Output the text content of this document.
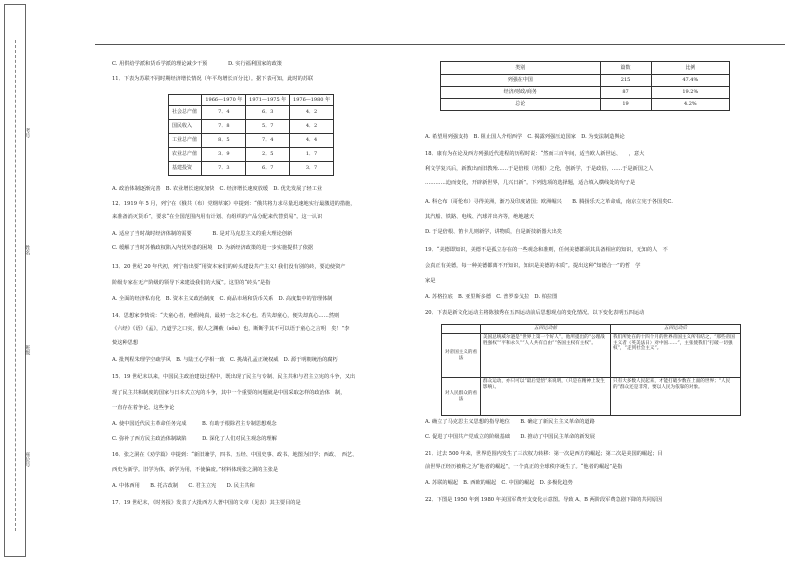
考号
姓名
班级
座位号
C. 用供给学派和货币学派的理论减少干预　　　　D. 实行福利国家的政策
11．下表为苏联不同时期经济增长情况（年平均增长百分比）。据下表可知，此时的苏联
	1966—1970 年	1971—1975 年	1976—1980 年
社会总产值	7．4	6．3	4．2
国民收入	7．8	5．7	4．2
工业总产值	8．5	7．4	4．4
农业总产值	3．9	2．5	1．7
基建投资	7．3	6．7	3．7
A. 政治体制逐渐完善　B. 农业增长速度加快　C. 经济增长速度放缓　D. 优先发展了轻工业
12．1919 年 5 月，列宁在《俄共（布）党纲草案》中提到：“俄共将力求尽量迅速地实行最激进的措施，
来准备消灭货币”，要求“在全国范围内用有计划、有组织的产品分配来代替贸易”。这一认识
A. 适应了当时战时经济体制的需要　　　　B. 是对马克思主义的重大理论创新
C. 缓解了当时苏俄政权陷入内忧外患的困境　D. 为新经济政策的进一步实施提供了依据
13．20 世纪 20 年代初，列宁指出要“用资本家们的砖头建设共产主义! 我们没有别的砖，要迫使资产
阶级专家在无产阶级的领导下来建设我们的大厦”。这里的“砖头”是指
A. 全面的经济私有化　B. 资本主义政治制度　C. 商品市场和货币关系　D. 高度集中的管理体制
14．思想家李贽说：“夫童心者，绝假纯真，最初一念之本心也。若失却童心，便失却真心……然则
《六经》《语》《孟》，乃道学之口实，假人之渊薮（sǒu）也，断断乎其不可以语于童心之言明　矣！”李
贽这种思想
A. 批判程朱理学空疏学风　B. 与陆王心学相一致　C. 挑战孔孟正统权威　D. 源于明朝统治的腐朽
15．19 世纪末以来，中国民主政治建设过程中，既出现了民主与专制、民主共和与君主立宪的斗争，又出
现了民主共和制度的国家与日本式立宪的斗争，其中一个重要的问题就是中国采取怎样的政治体　制，
一直存在着争论。这些争论
A. 使中国近代民主革命任务完成　　　B. 有助于根除君主专制思想观念
C. 弥补了西方民主政治体制缺陷　　　D. 深化了人们对民主观念的理解
16．张之洞在《劝学篇》中提到：“新旧兼学，四书、五经、中国史事、政书、地图为旧学；西政、　西艺、
西史为新学。旧学为体，新学为用，不使偏废。”材料体现张之洞的主张是
A. 中体西用　　B. 托古改制　　C. 君主立宪　　D. 民主共和
17．19 世纪末，《时务报》发表了大批西方人著中国的文章（见表）其主要目的是
类别	篇数	比例
列强在中国	215	47.4%
经济/财政/商务	87	19.2%
总论	19	4.2%
A. 希望用列强支持　B. 阻止国人介绍西学　C. 揭露列强压迫国家　D. 为变法制造舆论
18．康有为在论及西方列强近代进程的历程时说：“然而三百年间，适当欧人新世运、　　，意大
利文学复兴后，新教出而旧教殆……于是倍根（培根）之伦，创新学，于是政俗，……于是新国之人
…………迫而变化，开辟新世界，几兴日新”。下列选项的选择题，适合填入横线处的句子是
A. 科仑布（哥伦布）寻得美洲，渐乃及印度诸国；欧洲崛兴　　B. 腾扬乐天之革命成，南京立宪于各国矣C.
其汽船、铁路、电线、汽球并出齐等，绝地越天
D. 于是倍根、笛卡儿则新学，讲物质，自是新技新器大出矣
19．“美德即知识，美德不是孤立存在的一些观念和准则，任何美德都须其具备相应的知识，无知的人　不
会真正有美德，每一种美德都离不开知识，知识是美德的本质”。提出这种“知德合一”的哲　学
家是
A. 苏格拉底　B. 亚里斯多德　C. 普罗泰戈拉　D. 柏拉图
20．下表是新文化运动主将陈独秀在五四运动前后思想观点的变化情况。以下变化表明五四运动
	五四运动前	五四运动后
对帝国主义的看法	美国总统威尔逊是“世界上第一个好人”，他所提出的“公理战胜强权”“平和永久”“人人共有自由”“各国主权有主权”。	我们所处在的十四个月的世界帝国主义所有结之，“那些帝国主义者（英美法日）对中国……”，主张使我们“打破一切强权”，“走到社会主义”。
对人民群众的看法	群众运动，亦只可以“最后觉悟”来说明，（只是在精神上发生影响）。	只有大多数人民起来，才能打破少数在上面的世界；“人民的”群众还是非常，要以人民为依靠的对象。
A. 确立了马克思主义思想的指导地位　　B. 确定了新民主主义革命的道路
C. 促进了中国共产党成立的阶级基础　　D. 推动了中国民主革命的新发展
21．过去 500 年来，世界范围内发生了三次权力转移：第一次是西方的崛起；第二次是美国的崛起；目
前世界正经历被称之为“他者的崛起”，一个真正的全球秩序诞生了。“他者的崛起”是指
A. 苏联的崛起　B. 西欧的崛起　C. 中国的崛起　D. 多极化趋势
22．下图是 1950 年到 1980 年美国军费开支变化示意图。导致 A、B 两阶段军费急剧下降的共同原因
